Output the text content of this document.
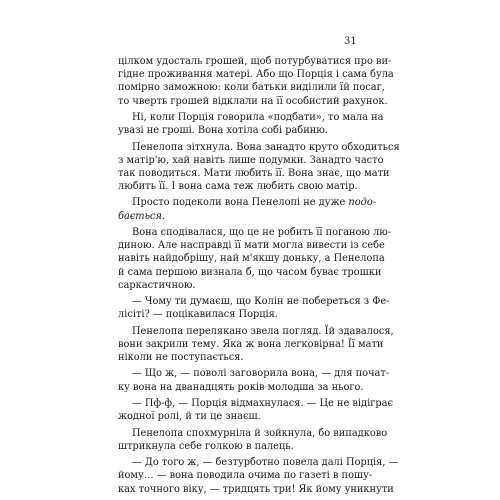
31
цілком удосталь грошей, щоб потурбуватися про ви-
гідне проживання матері. Або що Порція і сама була
помірно заможною: коли батьки виділили їй посаг,
то чверть грошей відклали на її особистий рахунок.
Ні, коли Порція говорила «подбати», то мала на
увазі не гроші. Вона хотіла собі рабиню.
Пенелопа зітхнула. Вона занадто круто обходиться
з матір'ю, хай навіть лише подумки. Занадто часто
так поводиться. Мати любить її. Вона знає, що мати
любить її. І вона сама теж любить свою матір.
Просто подеколи вона Пенелопі не дуже подо-
бається.
Вона сподівалася, що це не робить її поганою лю-
диною. Але насправді її мати могла вивести із себе
навіть найдобрішу, най м'якшу доньку, а Пенелопа
й сама першою визнала б, що часом буває трошки
саркастичною.
— Чому ти думаєш, що Колін не побереться з Фе-
лісіті? — поцікавилася Порція.
Пенелопа перелякано звела погляд. Їй здавалося,
вони закрили тему. Яка ж вона легковірна! Її мати
ніколи не поступається.
— Що ж, — поволі заговорила вона, — для почат-
ку вона на дванадцять років молодша за нього.
— Пф-ф, — Порція відмахнулася. — Це не відіграє
жодної ролі, й ти це знаєш.
Пенелопа спохмурніла й зойкнула, бо випадково
штрикнула себе голкою в палець.
— До того ж, — безтурботно повела далі Порція, —
йому… — вона поводила очима по газеті в пошу-
ках точного віку, — тридцять три! Як йому уникнути
